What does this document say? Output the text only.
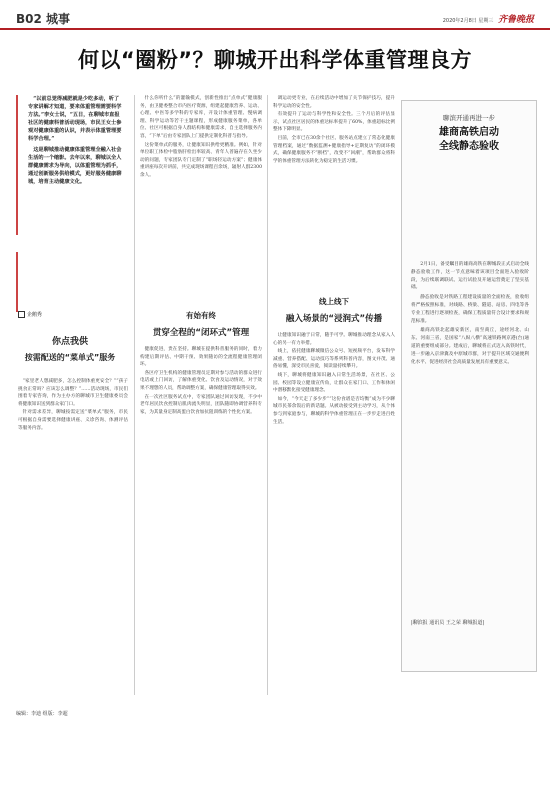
B02 城事	2020年2月8日 星期三 齐鲁晚报
何以“圈粉”？聊城开出科学体重管理良方

“以前总觉得减肥就是少吃多动，听了专家讲解才知道，要来体重管理需要科学方法。”李女士说，“五日，在聊城市直报社区的健康科普活动现场，市民王女士参观对健康体重的认识，并表示体重管理要科学合理。”

这是聊城推动健康体重管理全融入社会生活的一个缩影。去年以来，聊城以全人群健康需求为导向，以体重管理为抓手，通过创新服务供给模式，更好服务健康聊城，培育主动健康文化。

企鹅秀
你点我供
按需配送的“菜单式”服务

“家里老人想减肥多，怎么控制体重更安全？”“孩子挑食正常吗？应该怎么调整？”……活动现场，市民们围着专家咨询，作为主办方的聊城市卫生健康委员会将健康知识送到群众家门口。

针对需求差异，聊城按需定送“菜单式”服务，市民可根据自身需要选择健康讲座、义诊咨询、体测评估等服务内容。

什么你听什么”的灌输模式，创新性推出“点单式”健康服务，由卫健委整合市内医疗资源，组建起健康营养、运动、心理、中医等多学科的专家库，开设计体重管理、慢病调理、科学运动等若干主题课程，形成健康服务菜单，各单位、社区可根据自身人群结构和健康需求，自主选择服务内容，“下单”后由专家团队上门提供定制化科普与指导。

这份菜单式的服务，让健康知识供给更精准。例如，针对单位职工体检中脂肪肝检出率较高、青年人普遍存在久坐少动的问题，专家团队专门定制了“职场轻运动方案”；健康体重讲座每次开讲前，共完成现场课程百余场，辐射人群2300余人。

有始有终
贯穿全程的“闭环式”管理

健康促进，贵在坚持。聊城在提供科普服务的同时，着力构建后期评估、中期干预、效果随访的全流程健康管理闭环。

各区疗卫生机构的健康管理员定期对参与活动的群众进行电话或上门回访，了解体重变化、饮食及运动情况，对于效果不理想的人员，帮助调整方案，确保健康管理取得实效。

在一次社区服务试点中，专家团队通过回访发现，不少中老年居民饮食控制后肌肉流失明显，团队随即协调营养科专家，为其量身定制高蛋白饮食加抗阻训练的个性化方案。

调运动更专业，在后续活动中增加了关节保护技巧，提升科学运动的安全性。

有效提升了运动与科学性和安全性。三个月后的评估显示，试点社区居民的体重达标率提升了60%，体重超标比例整体下降明显。

目前，全市已在30余个社区、服务站点建立了常态化健康管理档案，通过“数据监测+健康指导+定期复访”的闭环模式，确保健康服务不“断档”，改变不“回潮”，帮助群众将科学的体重管理方法转化为稳定的生活习惯。

线上线下
融入场景的“浸润式”传播

让健康知识融于日常，随手可学。聊城推动理念从家入人心的另一有力举措。

线上，依托健康聊城微信公众号、短视频平台，发布科学减重、营养搭配、运动技巧等系列科普内容，图文并茂、通俗易懂，深受市民喜爱，阅读量持续攀升。

线下，聊城将健康知识融入日常生活场景，在社区、公园、校园等设立健康宣传角，让群众在家门口、工作和休闲中潜移默化接受健康理念。

如今，“今天走了多少步”“这份食谱是否均衡”成为不少聊城市民茶余饭后的新话题。从被动接受到主动学习，从个体参与到家庭参与，聊城的科学体重管理正在一步步走进百姓生活。

聊滨开通再进一步
雄商高铁启动
全线静态验收

2月1日，备受瞩目的雄商高铁在聊城段正式启动全线静态验收工作，这一节点意味着该项目全面进入验收阶段，为后续联调联试、运行试验及开通运营奠定了坚实基础。

静态验收是对铁路工程建设质量的全面检查，验收组将严格按照标准，对线路、桥梁、隧道、站房、四电等各专业工程进行逐项检查，确保工程质量符合设计要求和规范标准。

雄商高铁北起雄安新区，南至商丘，途经河北、山东、河南三省，是国家“八纵八横”高速铁路网京港(台)通道的重要组成部分。建成后，聊城将正式迈入高铁时代，进一步融入京津冀及中原城市群，对于提升区域交通便利化水平、促进经济社会高质量发展具有重要意义。

|聊滨报 通讯员 王之荣 聊城报道|
编辑：李迪 组版：李超
